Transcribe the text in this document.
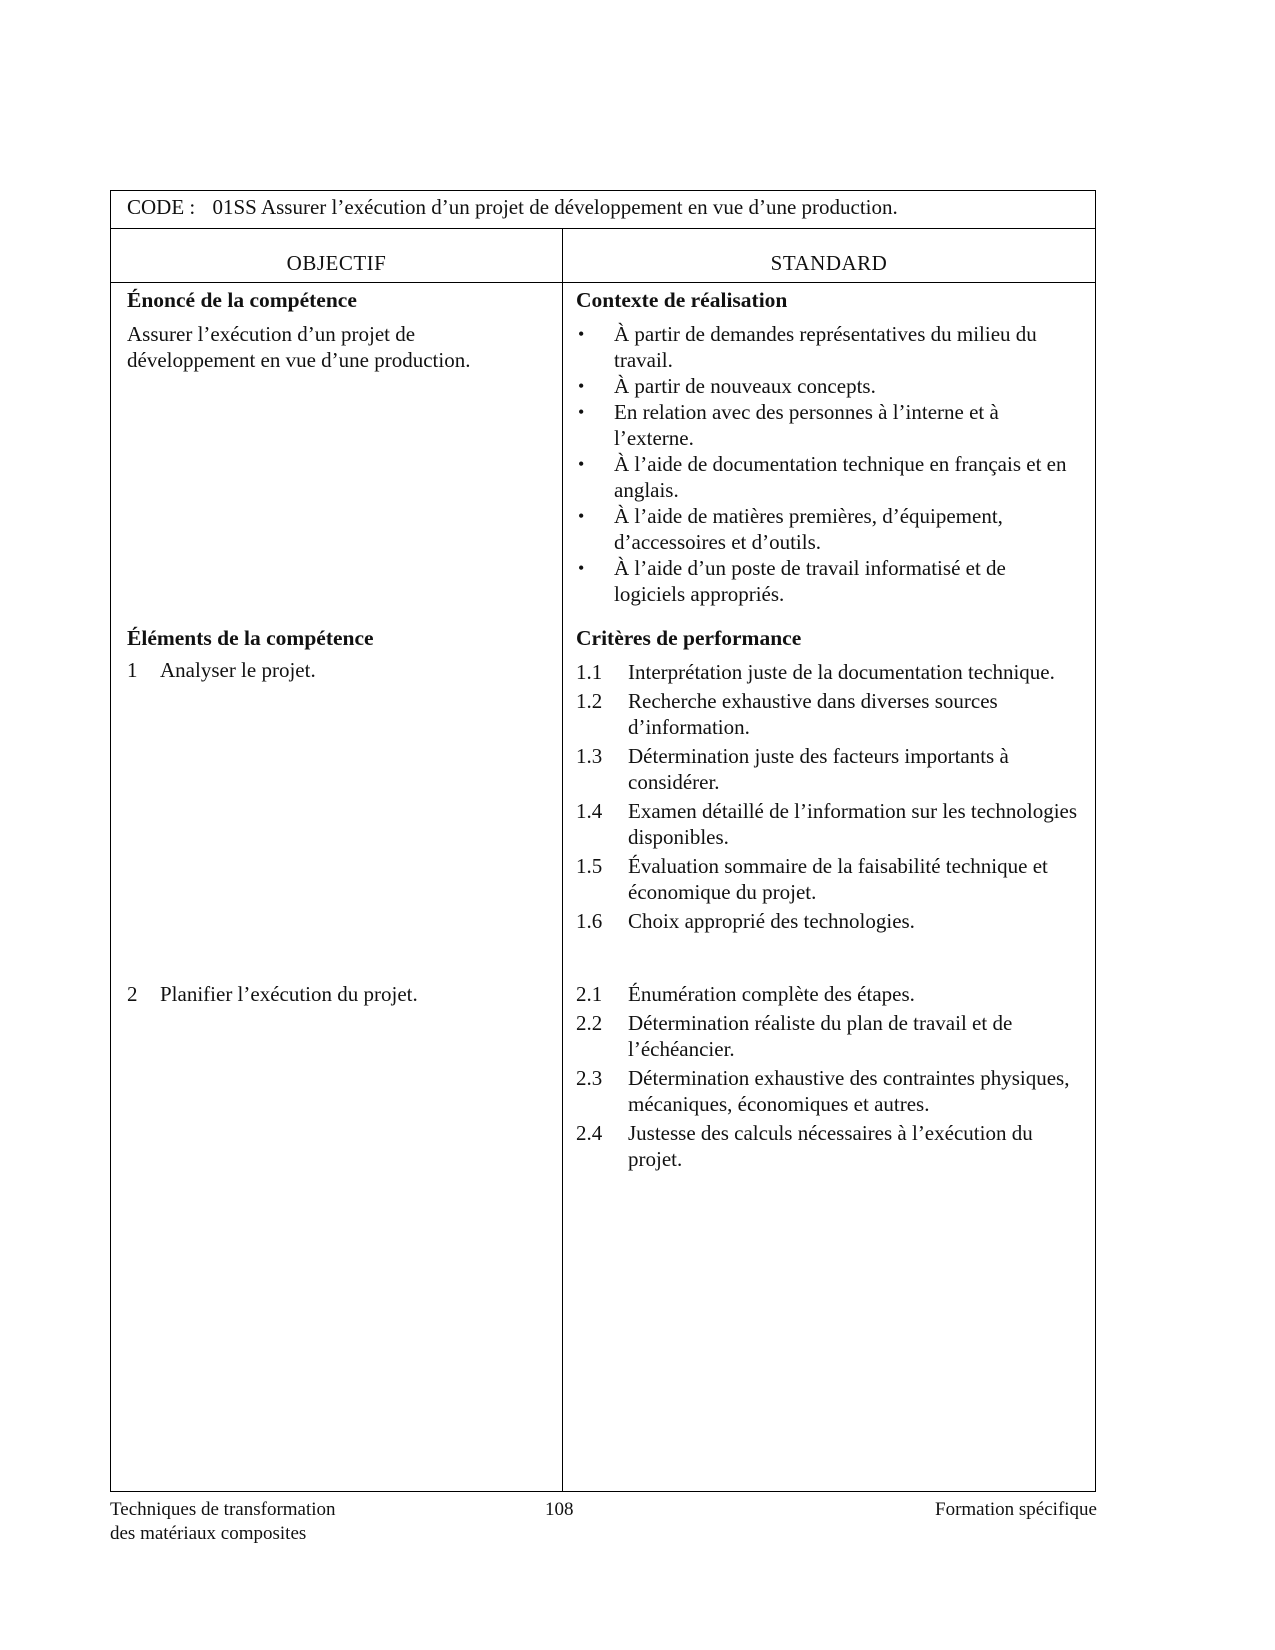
CODE : 01SS Assurer l’exécution d’un projet de développement en vue d’une production.
OBJECTIF	STANDARD
Énoncé de la compétence

Assurer l’exécution d’un projet de

développement en vue d’une production.

Éléments de la compétence
1 Analyser le projet.
2 Planifier l’exécution du projet.
Contexte de réalisation
• À partir de demandes représentatives du milieu du travail.
• À partir de nouveaux concepts.
• En relation avec des personnes à l’interne et à l’externe.
• À l’aide de documentation technique en français et en anglais.
• À l’aide de matières premières, d’équipement, d’accessoires et d’outils.
• À l’aide d’un poste de travail informatisé et de logiciels appropriés.
Critères de performance
1.1 Interprétation juste de la documentation technique.
1.2 Recherche exhaustive dans diverses sources d’information.
1.3 Détermination juste des facteurs importants à considérer.
1.4 Examen détaillé de l’information sur les technologies disponibles.
1.5 Évaluation sommaire de la faisabilité technique et économique du projet.
1.6 Choix approprié des technologies.
2.1 Énumération complète des étapes.
2.2 Détermination réaliste du plan de travail et de l’échéancier.
2.3 Détermination exhaustive des contraintes physiques, mécaniques, économiques et autres.
2.4 Justesse des calculs nécessaires à l’exécution du projet.
Techniques de transformation
des matériaux composites
108	Formation spécifique
